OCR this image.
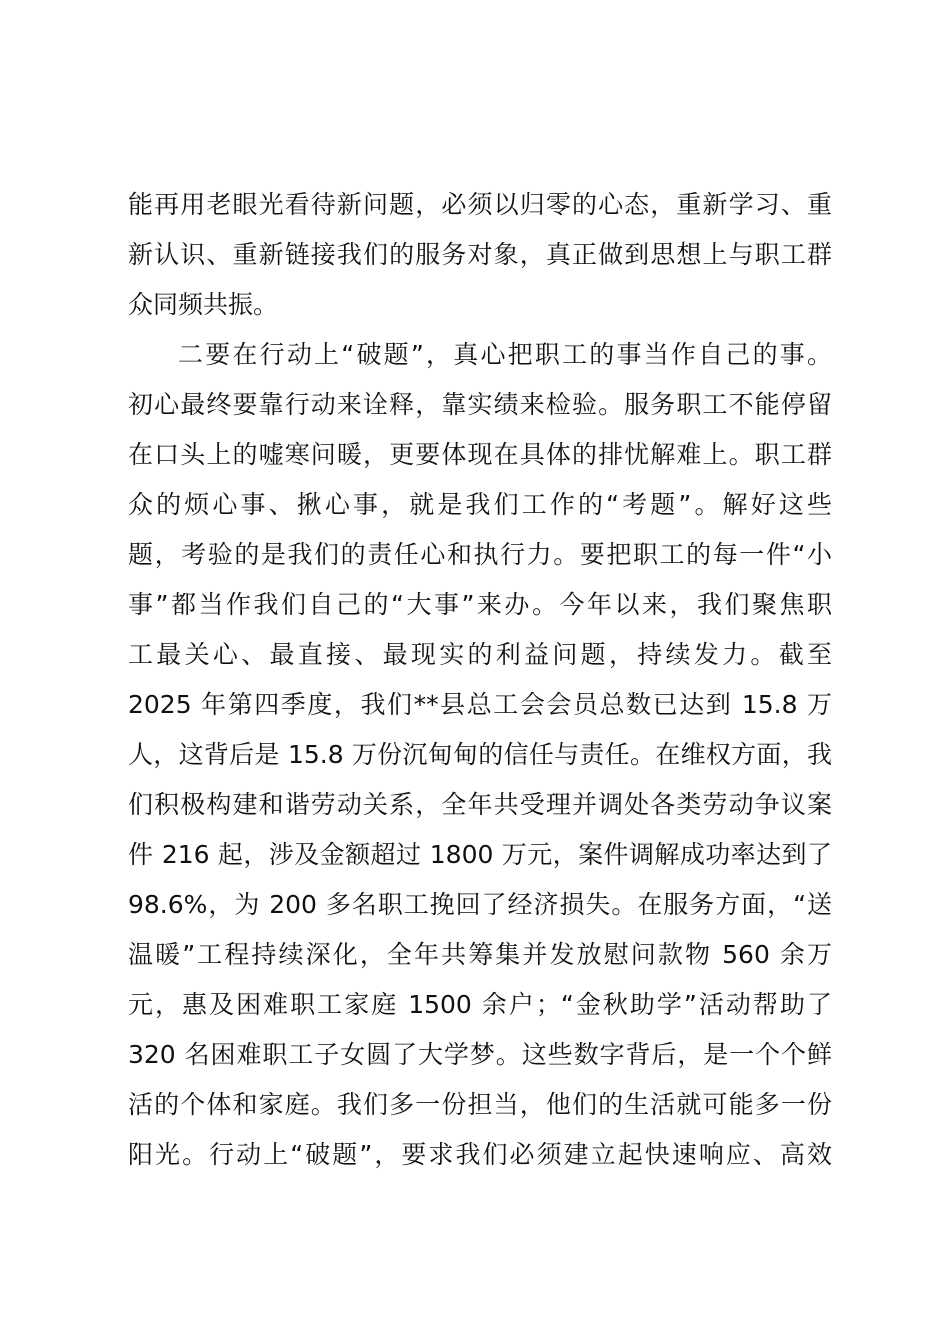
能再用老眼光看待新问题，必须以归零的心态，重新学习、重
新认识、重新链接我们的服务对象，真正做到思想上与职工群
众同频共振。
二要在行动上“破题”，真心把职工的事当作自己的事。
初心最终要靠行动来诠释，靠实绩来检验。服务职工不能停留
在口头上的嘘寒问暖，更要体现在具体的排忧解难上。职工群
众的烦心事、揪心事，就是我们工作的“考题”。解好这些
题，考验的是我们的责任心和执行力。要把职工的每一件“小
事”都当作我们自己的“大事”来办。今年以来，我们聚焦职
工最关心、最直接、最现实的利益问题，持续发力。截至
2025 年第四季度，我们**县总工会会员总数已达到 15.8 万
人，这背后是 15.8 万份沉甸甸的信任与责任。在维权方面，我
们积极构建和谐劳动关系，全年共受理并调处各类劳动争议案
件 216 起，涉及金额超过 1800 万元，案件调解成功率达到了
98.6%，为 200 多名职工挽回了经济损失。在服务方面，“送
温暖”工程持续深化，全年共筹集并发放慰问款物 560 余万
元，惠及困难职工家庭 1500 余户；“金秋助学”活动帮助了
320 名困难职工子女圆了大学梦。这些数字背后，是一个个鲜
活的个体和家庭。我们多一份担当，他们的生活就可能多一份
阳光。行动上“破题”，要求我们必须建立起快速响应、高效
